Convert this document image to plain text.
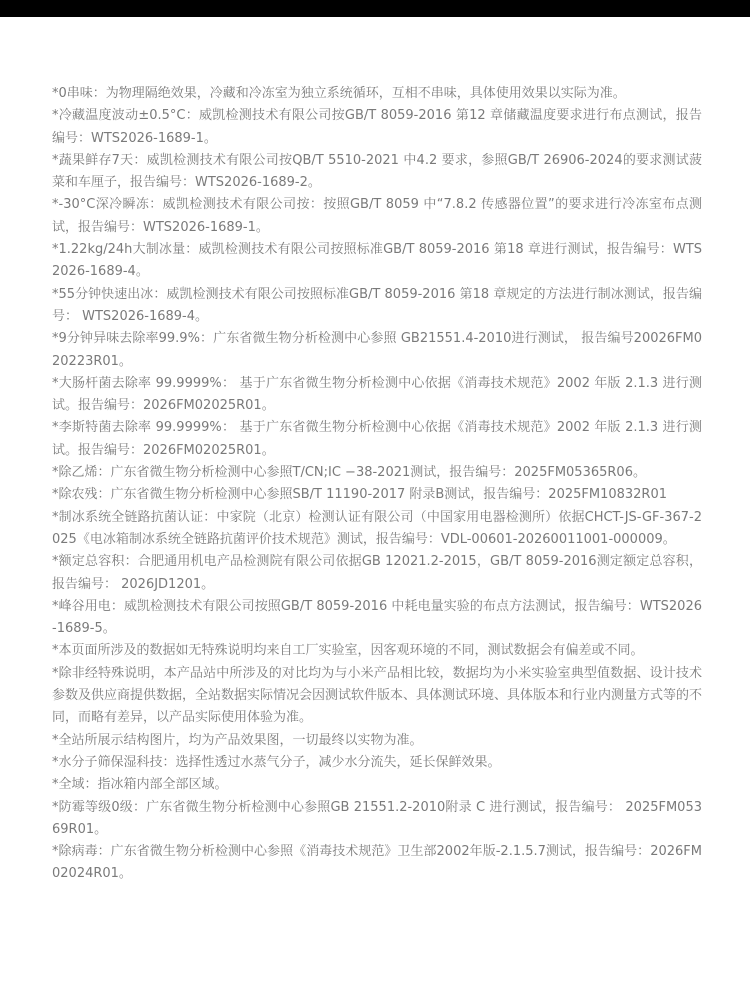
*0串味：为物理隔绝效果，冷藏和冷冻室为独立系统循环，互相不串味，具体使用效果以实际为准。
*冷藏温度波动±0.5°C：威凯检测技术有限公司按GB/T 8059-2016 第12 章储藏温度要求进行布点测试，报告编号：WTS2026-1689-1。
*蔬果鲜存7天：威凯检测技术有限公司按QB/T 5510-2021 中4.2 要求，参照GB/T 26906-2024的要求测试菠菜和车厘子，报告编号：WTS2026-1689-2。
*-30°C深冷瞬冻：威凯检测技术有限公司按：按照GB/T 8059 中“7.8.2 传感器位置”的要求进行冷冻室布点测试，报告编号：WTS2026-1689-1。
*1.22kg/24h大制冰量：威凯检测技术有限公司按照标准GB/T 8059-2016 第18 章进行测试，报告编号：WTS2026-1689-4。
*55分钟快速出冰：威凯检测技术有限公司按照标准GB/T 8059-2016 第18 章规定的方法进行制冰测试，报告编号： WTS2026-1689-4。
*9分钟异味去除率99.9%：广东省微生物分析检测中心参照 GB21551.4-2010进行测试， 报告编号20026FM020223R01。
*大肠杆菌去除率 99.9999%： 基于广东省微生物分析检测中心依据《消毒技术规范》2002 年版 2.1.3 进行测试。报告编号：2026FM02025R01。
*李斯特菌去除率 99.9999%： 基于广东省微生物分析检测中心依据《消毒技术规范》2002 年版 2.1.3 进行测试。报告编号：2026FM02025R01。
*除乙烯：广东省微生物分析检测中心参照T/CN;IC −38-2021测试，报告编号：2025FM05365R06。
*除农残：广东省微生物分析检测中心参照SB/T 11190-2017 附录B测试，报告编号：2025FM10832R01
*制冰系统全链路抗菌认证：中家院（北京）检测认证有限公司（中国家用电器检测所）依据CHCT-JS-GF-367-2025《电冰箱制冰系统全链路抗菌评价技术规范》测试，报告编号：VDL-00601-20260011001-000009。
*额定总容积：合肥通用机电产品检测院有限公司依据GB 12021.2-2015，GB/T 8059-2016测定额定总容积， 报告编号： 2026JD1201。
*峰谷用电：威凯检测技术有限公司按照GB/T 8059-2016 中耗电量实验的布点方法测试，报告编号：WTS2026-1689-5。
*本页面所涉及的数据如无特殊说明均来自工厂实验室，因客观环境的不同，测试数据会有偏差或不同。
*除非经特殊说明，本产品站中所涉及的对比均为与小米产品相比较，数据均为小米实验室典型值数据、设计技术参数及供应商提供数据，全站数据实际情况会因测试软件版本、具体测试环境、具体版本和行业内测量方式等的不同，而略有差异，以产品实际使用体验为准。
*全站所展示结构图片，均为产品效果图，一切最终以实物为准。
*水分子筛保湿科技：选择性透过水蒸气分子，减少水分流失，延长保鲜效果。
*全域：指冰箱内部全部区域。
*防霉等级0级：广东省微生物分析检测中心参照GB 21551.2-2010附录 C 进行测试，报告编号： 2025FM05369R01。
*除病毒：广东省微生物分析检测中心参照《消毒技术规范》卫生部2002年版-2.1.5.7测试，报告编号：2026FM02024R01。
